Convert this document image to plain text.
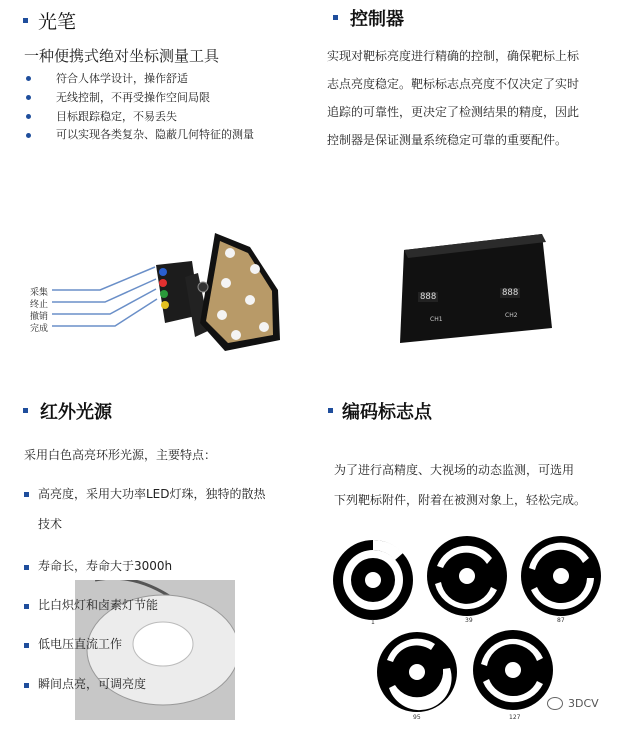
光笔
一种便携式绝对坐标测量工具
符合人体学设计，操作舒适
无线控制，不再受操作空间局限
目标跟踪稳定，不易丢失
可以实现各类复杂、隐蔽几何特征的测量
采集
终止
撤销
完成
控制器
实现对靶标亮度进行精确的控制，确保靶标上标
志点亮度稳定。靶标标志点亮度不仅决定了实时
追踪的可靠性，更决定了检测结果的精度，因此
控制器是保证测量系统稳定可靠的重要配件。
888	888
CH1
CH2
红外光源
采用白色高亮环形光源，主要特点：
高亮度，采用大功率LED灯珠，独特的散热
技术
寿命长，寿命大于3000h
比白炽灯和卤素灯节能
低电压直流工作
瞬间点亮，可调亮度
编码标志点
为了进行高精度、大视场的动态监测，可选用
下列靶标附件，附着在被测对象上，轻松完成。
1	39	87
95	127
3DCV
